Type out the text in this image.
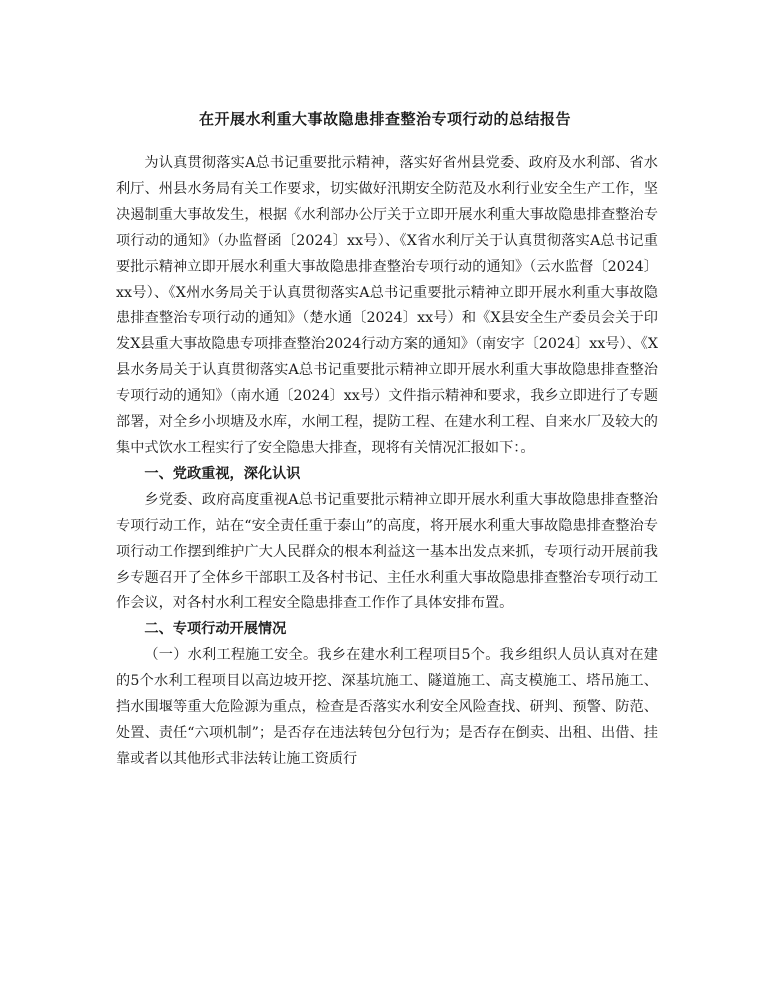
在开展水利重大事故隐患排查整治专项行动的总结报告

为认真贯彻落实A总书记重要批示精神，落实好省州县党委、政府及水利部、省水利厅、州县水务局有关工作要求，切实做好汛期安全防范及水利行业安全生产工作，坚决遏制重大事故发生，根据《水利部办公厅关于立即开展水利重大事故隐患排查整治专项行动的通知》（办监督函〔2024〕xx号）、《X省水利厅关于认真贯彻落实A总书记重要批示精神立即开展水利重大事故隐患排查整治专项行动的通知》（云水监督〔2024〕xx号）、《X州水务局关于认真贯彻落实A总书记重要批示精神立即开展水利重大事故隐患排查整治专项行动的通知》（楚水通〔2024〕xx号）和《X县安全生产委员会关于印发X县重大事故隐患专项排查整治2024行动方案的通知》（南安字〔2024〕xx号）、《X县水务局关于认真贯彻落实A总书记重要批示精神立即开展水利重大事故隐患排查整治专项行动的通知》（南水通〔2024〕xx号）文件指示精神和要求，我乡立即进行了专题部署，对全乡小坝塘及水库，水闸工程，提防工程、在建水利工程、自来水厂及较大的集中式饮水工程实行了安全隐患大排查，现将有关情况汇报如下：。

一、党政重视，深化认识

乡党委、政府高度重视A总书记重要批示精神立即开展水利重大事故隐患排查整治专项行动工作，站在“安全责任重于泰山”的高度，将开展水利重大事故隐患排查整治专项行动工作摆到维护广大人民群众的根本利益这一基本出发点来抓，专项行动开展前我乡专题召开了全体乡干部职工及各村书记、主任水利重大事故隐患排查整治专项行动工作会议，对各村水利工程安全隐患排查工作作了具体安排布置。

二、专项行动开展情况

（一）水利工程施工安全。我乡在建水利工程项目5个。我乡组织人员认真对在建的5个水利工程项目以高边坡开挖、深基坑施工、隧道施工、高支模施工、塔吊施工、挡水围堰等重大危险源为重点，检查是否落实水利安全风险查找、研判、预警、防范、处置、责任“六项机制”；是否存在违法转包分包行为；是否存在倒卖、出租、出借、挂靠或者以其他形式非法转让施工资质行
